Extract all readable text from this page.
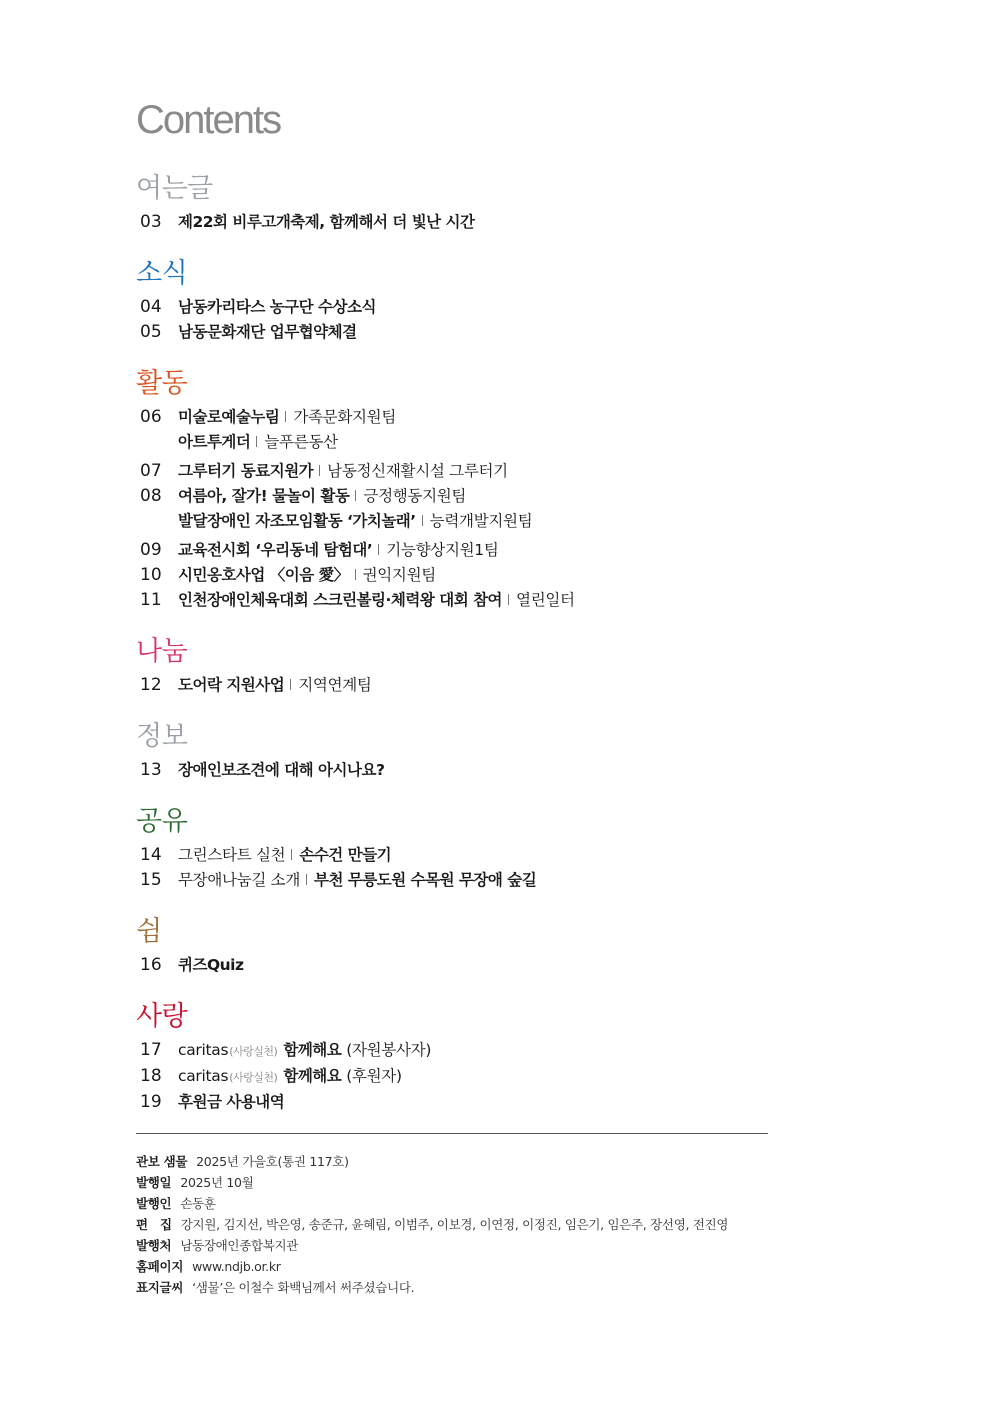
Contents
여는글
03	제22회 비루고개축제, 함께해서 더 빛난 시간
소식
04	남동카리타스 농구단 수상소식
05	남동문화재단 업무협약체결
활동
06	미술로예술누림 가족문화지원팀
아트투게더 늘푸른동산
07	그루터기 동료지원가 남동정신재활시설 그루터기
08	여름아, 잘가! 물놀이 활동 긍정행동지원팀
발달장애인 자조모임활동 ‘가치놀래’ 능력개발지원팀
09	교육전시회 ‘우리동네 탐험대’ 기능향상지원1팀
10	시민옹호사업 〈이음 愛〉 권익지원팀
11	인천장애인체육대회 스크린볼링·체력왕 대회 참여 열린일터
나눔
12	도어락 지원사업 지역연계팀
정보
13	장애인보조견에 대해 아시나요?
공유
14	그린스타트 실천 손수건 만들기
15	무장애나눔길 소개 부천 무릉도원 수목원 무장애 숲길
쉼
16	퀴즈Quiz
사랑
17	caritas(사랑실천) 함께해요 (자원봉사자)
18	caritas(사랑실천) 함께해요 (후원자)
19	후원금 사용내역
관보 샘물 2025년 가을호(통권 117호)
발행일 2025년 10월
발행인 손동훈
편　집 강지원, 김지선, 박은영, 송준규, 윤혜림, 이범주, 이보경, 이연정, 이정진, 임은기, 임은주, 장선영, 전진영
발행처 남동장애인종합복지관
홈페이지 www.ndjb.or.kr
표지글씨 ‘샘물’은 이철수 화백님께서 써주셨습니다.
